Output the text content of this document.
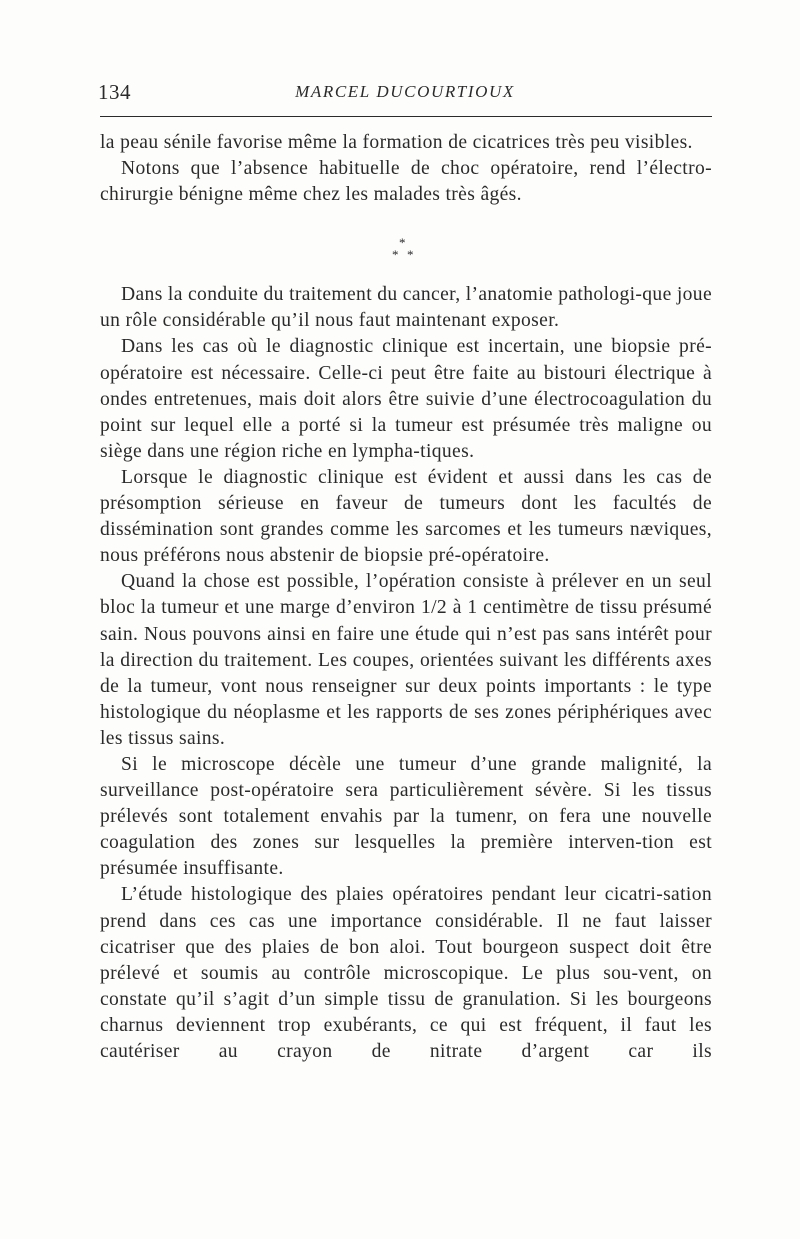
134	MARCEL DUCOURTIOUX

la peau sénile favorise même la formation de cicatrices très peu visibles.

Notons que l’absence habituelle de choc opératoire, rend l’électro-chirurgie bénigne même chez les malades très âgés.

*
* *

Dans la conduite du traitement du cancer, l’anatomie pathologi-que joue un rôle considérable qu’il nous faut maintenant exposer.

Dans les cas où le diagnostic clinique est incertain, une biopsie pré-opératoire est nécessaire. Celle-ci peut être faite au bistouri électrique à ondes entretenues, mais doit alors être suivie d’une électrocoagulation du point sur lequel elle a porté si la tumeur est présumée très maligne ou siège dans une région riche en lympha-tiques.

Lorsque le diagnostic clinique est évident et aussi dans les cas de présomption sérieuse en faveur de tumeurs dont les facultés de dissémination sont grandes comme les sarcomes et les tumeurs næviques, nous préférons nous abstenir de biopsie pré-opératoire.

Quand la chose est possible, l’opération consiste à prélever en un seul bloc la tumeur et une marge d’environ 1/2 à 1 centimètre de tissu présumé sain. Nous pouvons ainsi en faire une étude qui n’est pas sans intérêt pour la direction du traitement. Les coupes, orientées suivant les différents axes de la tumeur, vont nous renseigner sur deux points importants : le type histologique du néoplasme et les rapports de ses zones périphériques avec les tissus sains.

Si le microscope décèle une tumeur d’une grande malignité, la surveillance post-opératoire sera particulièrement sévère. Si les tissus prélevés sont totalement envahis par la tumenr, on fera une nouvelle coagulation des zones sur lesquelles la première interven-tion est présumée insuffisante.

L’étude histologique des plaies opératoires pendant leur cicatri-sation prend dans ces cas une importance considérable. Il ne faut laisser cicatriser que des plaies de bon aloi. Tout bourgeon suspect doit être prélevé et soumis au contrôle microscopique. Le plus sou-vent, on constate qu’il s’agit d’un simple tissu de granulation. Si les bourgeons charnus deviennent trop exubérants, ce qui est fréquent, il faut les cautériser au crayon de nitrate d’argent car ils
